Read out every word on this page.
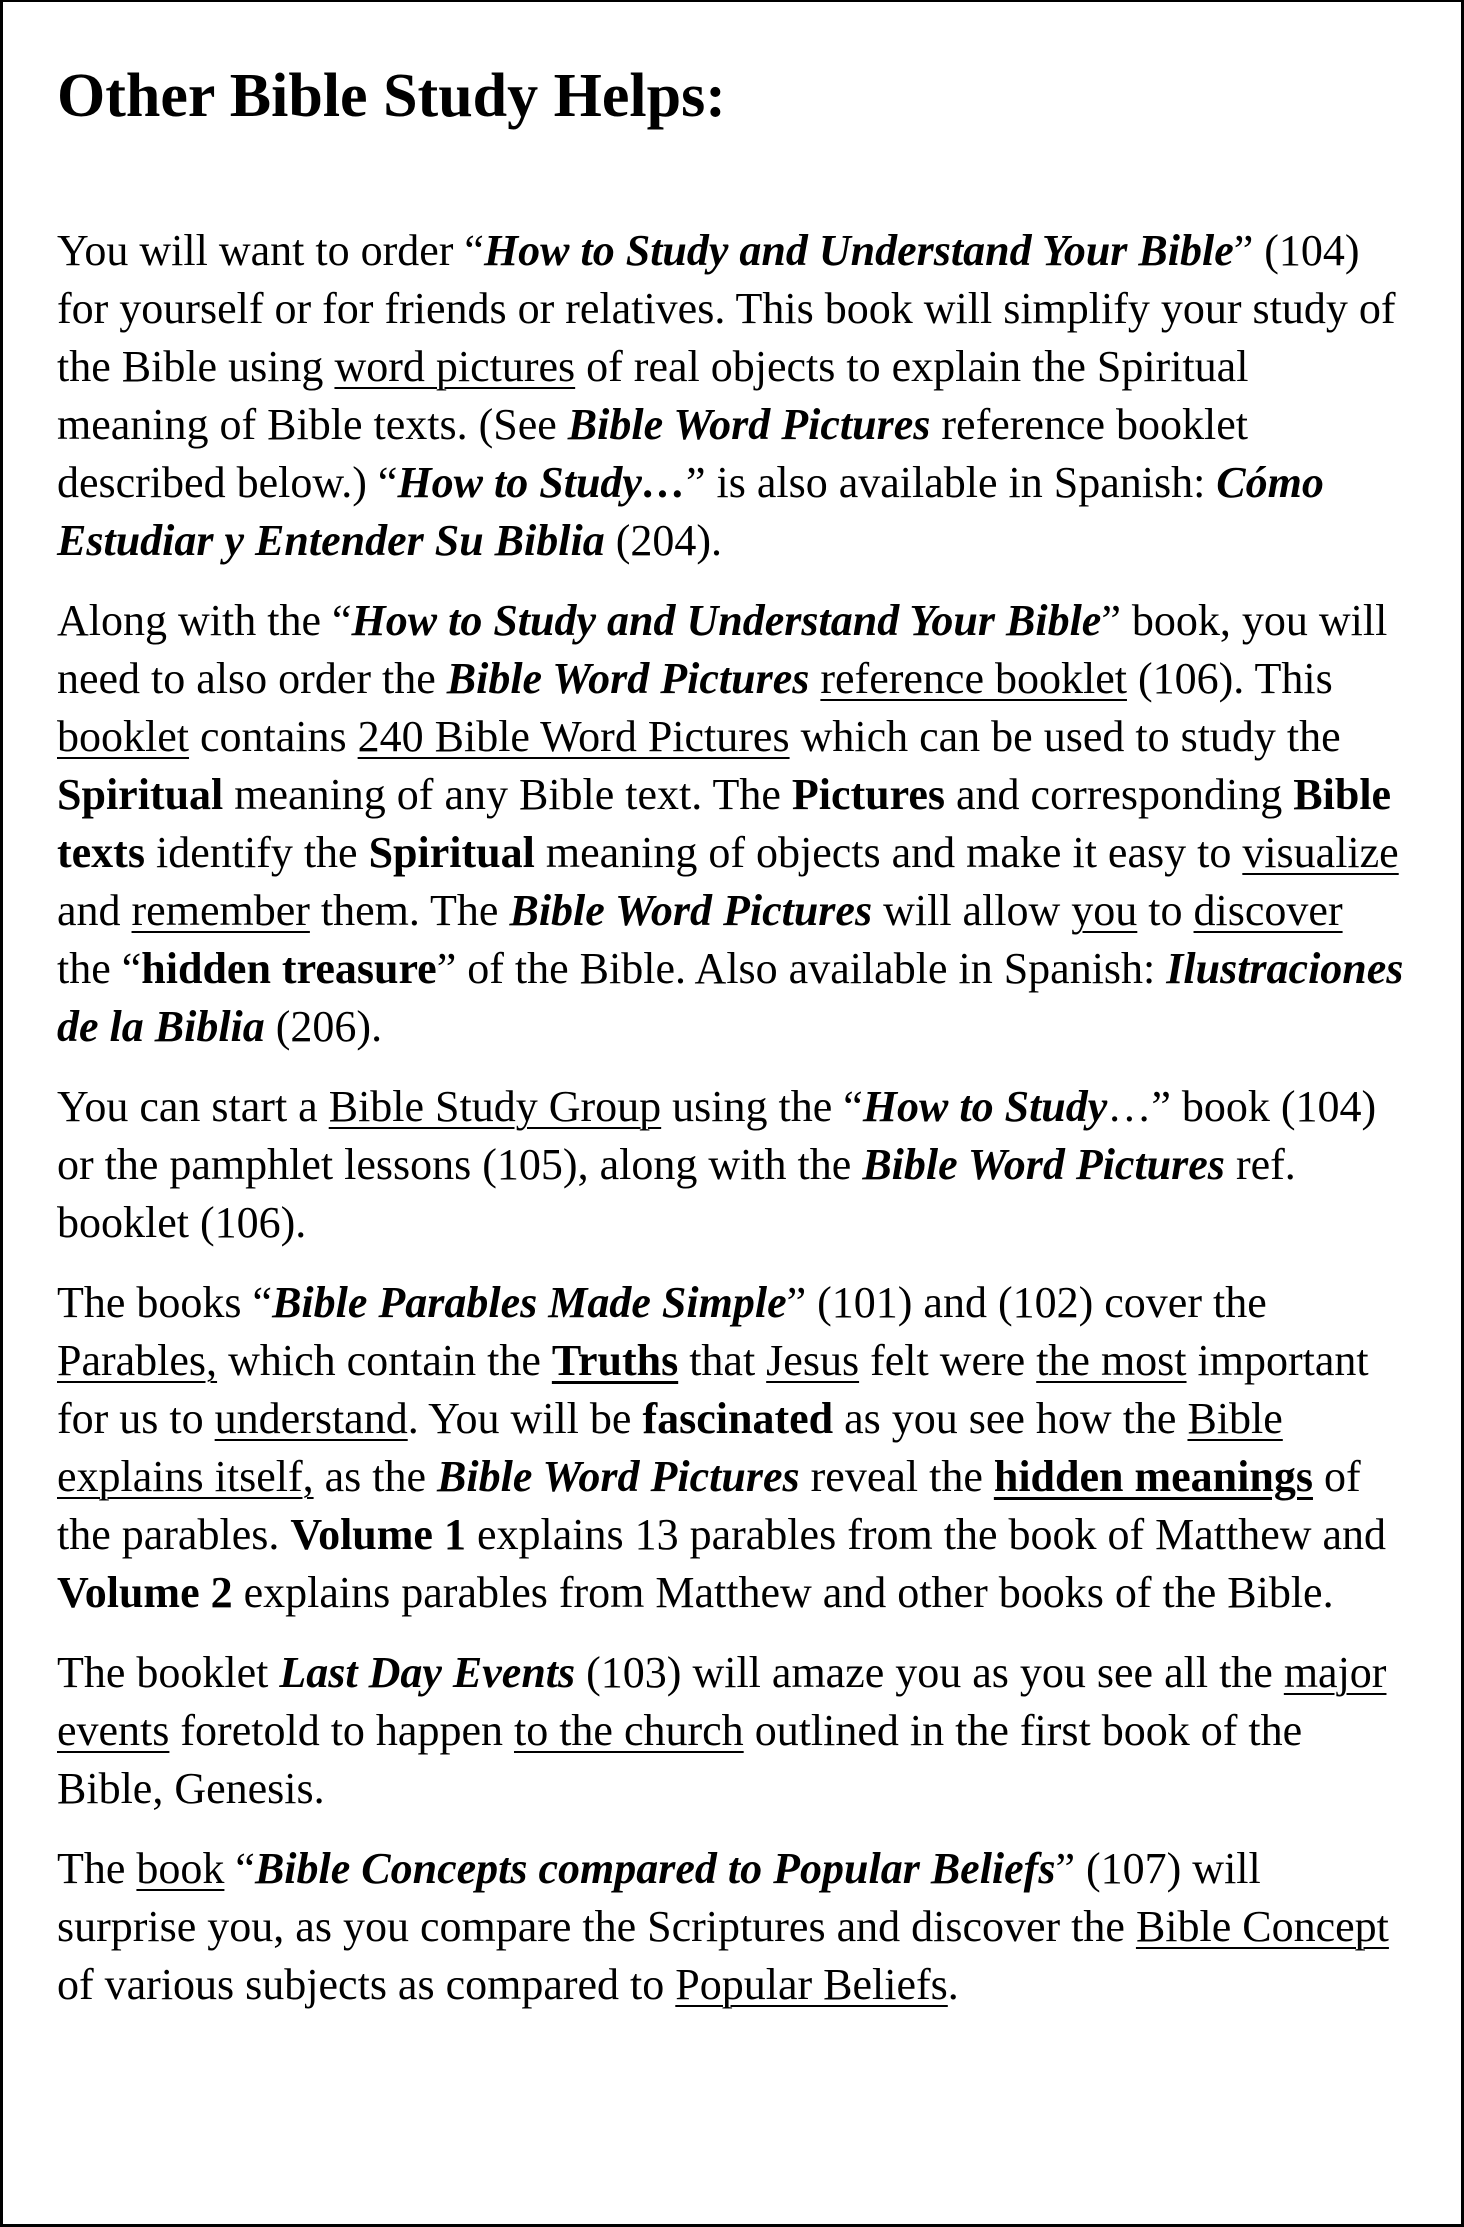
Other Bible Study Helps:

You will want to order “How to Study and Understand Your Bible” (104) for yourself or for friends or relatives. This book will simplify your study of the Bible using word pictures of real objects to explain the Spiritual meaning of Bible texts. (See Bible Word Pictures reference booklet described below.) “How to Study…” is also available in Spanish: Cómo Estudiar y Entender Su Biblia (204).

Along with the “How to Study and Understand Your Bible” book, you will need to also order the Bible Word Pictures reference booklet (106). This booklet contains 240 Bible Word Pictures which can be used to study the Spiritual meaning of any Bible text. The Pictures and corresponding Bible texts identify the Spiritual meaning of objects and make it easy to visualize and remember them. The Bible Word Pictures will allow you to discover the “hidden treasure” of the Bible. Also available in Spanish: Ilustraciones de la Biblia (206).

You can start a Bible Study Group using the “How to Study…” book (104) or the pamphlet lessons (105), along with the Bible Word Pictures ref. booklet (106).

The books “Bible Parables Made Simple” (101) and (102) cover the Parables, which contain the Truths that Jesus felt were the most important for us to understand. You will be fascinated as you see how the Bible explains itself, as the Bible Word Pictures reveal the hidden meanings of the parables. Volume 1 explains 13 parables from the book of Matthew and Volume 2 explains parables from Matthew and other books of the Bible.

The booklet Last Day Events (103) will amaze you as you see all the major events foretold to happen to the church outlined in the first book of the Bible, Genesis.

The book “Bible Concepts compared to Popular Beliefs” (107) will surprise you, as you compare the Scriptures and discover the Bible Concept of various subjects as compared to Popular Beliefs.
